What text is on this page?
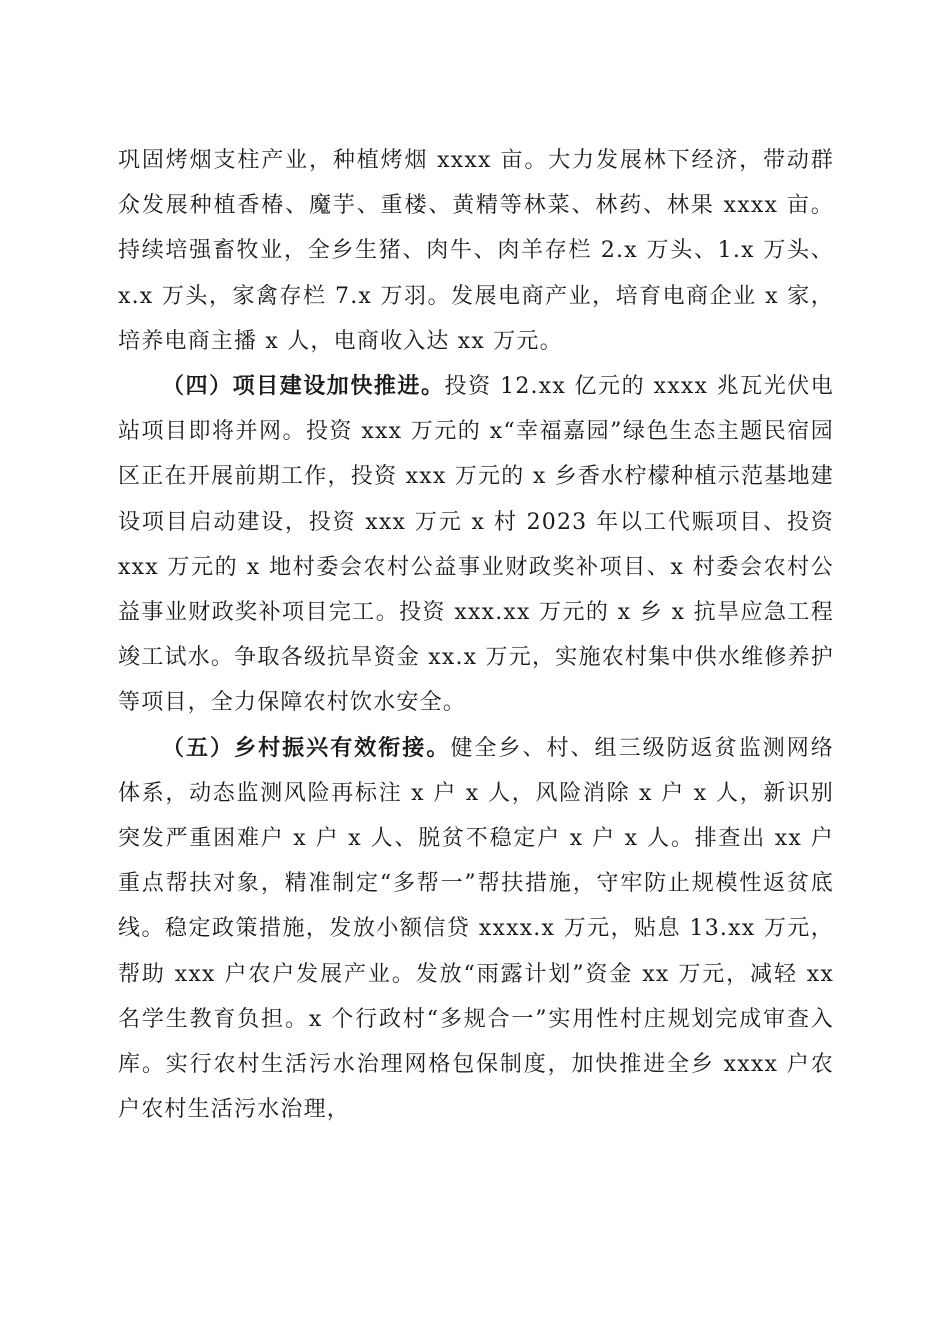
巩固烤烟支柱产业，种植烤烟 xxxx 亩。大力发展林下经济，带动群众发展种植香椿、魔芋、重楼、黄精等林菜、林药、林果 xxxx 亩。持续培强畜牧业，全乡生猪、肉牛、肉羊存栏 2.x 万头、1.x 万头、x.x 万头，家禽存栏 7.x 万羽。发展电商产业，培育电商企业 x 家，培养电商主播 x 人，电商收入达 xx 万元。

（四）项目建设加快推进。投资 12.xx 亿元的 xxxx 兆瓦光伏电站项目即将并网。投资 xxx 万元的 x“幸福嘉园”绿色生态主题民宿园区正在开展前期工作，投资 xxx 万元的 x 乡香水柠檬种植示范基地建设项目启动建设，投资 xxx 万元 x 村 2023 年以工代赈项目、投资 xxx 万元的 x 地村委会农村公益事业财政奖补项目、x 村委会农村公益事业财政奖补项目完工。投资 xxx.xx 万元的 x 乡 x 抗旱应急工程竣工试水。争取各级抗旱资金 xx.x 万元，实施农村集中供水维修养护等项目，全力保障农村饮水安全。

（五）乡村振兴有效衔接。健全乡、村、组三级防返贫监测网络体系，动态监测风险再标注 x 户 x 人，风险消除 x 户 x 人，新识别突发严重困难户 x 户 x 人、脱贫不稳定户 x 户 x 人。排查出 xx 户重点帮扶对象，精准制定“多帮一”帮扶措施，守牢防止规模性返贫底线。稳定政策措施，发放小额信贷 xxxx.x 万元，贴息 13.xx 万元，帮助 xxx 户农户发展产业。发放“雨露计划”资金 xx 万元，减轻 xx 名学生教育负担。x 个行政村“多规合一”实用性村庄规划完成审查入库。实行农村生活污水治理网格包保制度，加快推进全乡 xxxx 户农户农村生活污水治理，
